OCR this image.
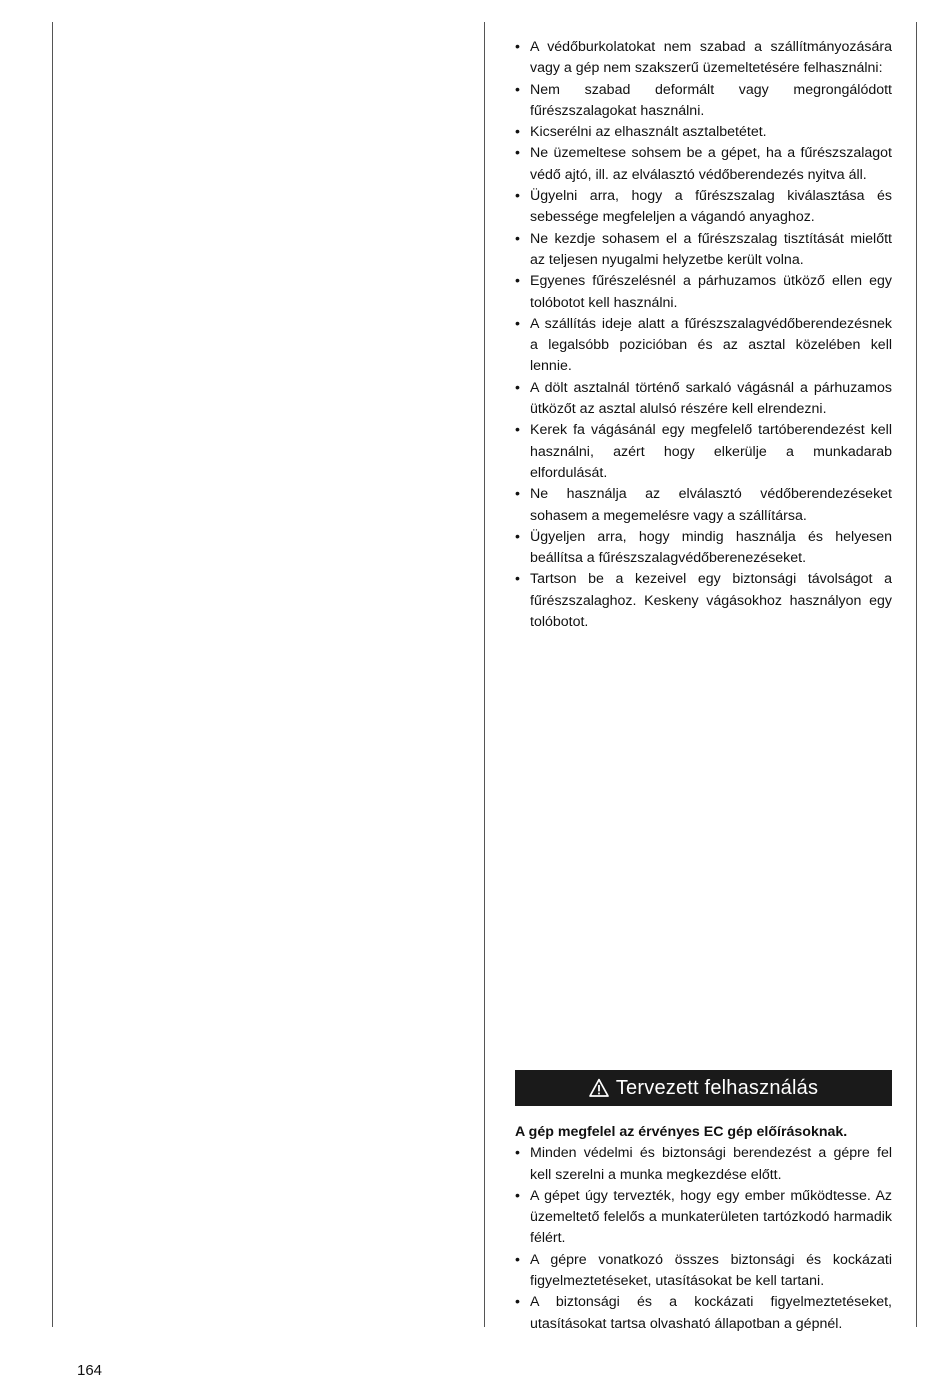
• A védőburkolatokat nem szabad a szállítmányozására vagy a gép nem szakszerű üzemeltetésére felhasználni:
• Nem szabad deformált vagy megrongálódott fűrészszalagokat használni.
• Kicserélni az elhasznált asztalbetétet.
• Ne üzemeltese sohsem be a gépet, ha a fűrészszalagot védő ajtó, ill. az elválasztó védőberendezés nyitva áll.
• Ügyelni arra, hogy a fűrészszalag kiválasztása és sebessége megfeleljen a vágandó anyaghoz.
• Ne kezdje sohasem el a fűrészszalag tisztítását mielőtt az teljesen nyugalmi helyzetbe került volna.
• Egyenes fűrészelésnél a párhuzamos ütköző ellen egy tolóbotot kell használni.
• A szállítás ideje alatt a fűrészszalagvédőberendezésnek a legalsóbb pozicióban és az asztal közelében kell lennie.
• A dölt asztalnál történő sarkaló vágásnál a párhuzamos ütközőt az asztal alulsó részére kell elrendezni.
• Kerek fa vágásánál egy megfelelő tartóberendezést kell használni, azért hogy elkerülje a munkadarab elfordulását.
• Ne használja az elválasztó védőberendezéseket sohasem a megemelésre vagy a szállítársa.
• Ügyeljen arra, hogy mindig használja és helyesen beállítsa a fűrészszalagvédőberenezéseket.
• Tartson be a kezeivel egy biztonsági távolságot a fűrészszalaghoz. Keskeny vágásokhoz használyon egy tolóbotot.
Tervezett felhasználás

A gép megfelel az érvényes EC gép előírásoknak.

• Minden védelmi és biztonsági berendezést a gépre fel kell szerelni a munka megkezdése előtt.
• A gépet úgy tervezték, hogy egy ember működtesse. Az üzemeltető felelős a munkaterületen tartózkodó harmadik félért.
• A gépre vonatkozó összes biztonsági és kockázati figyelmeztetéseket, utasításokat be kell tartani.
• A biztonsági és a kockázati figyelmeztetéseket, utasításokat tartsa olvasható állapotban a gépnél.
164
